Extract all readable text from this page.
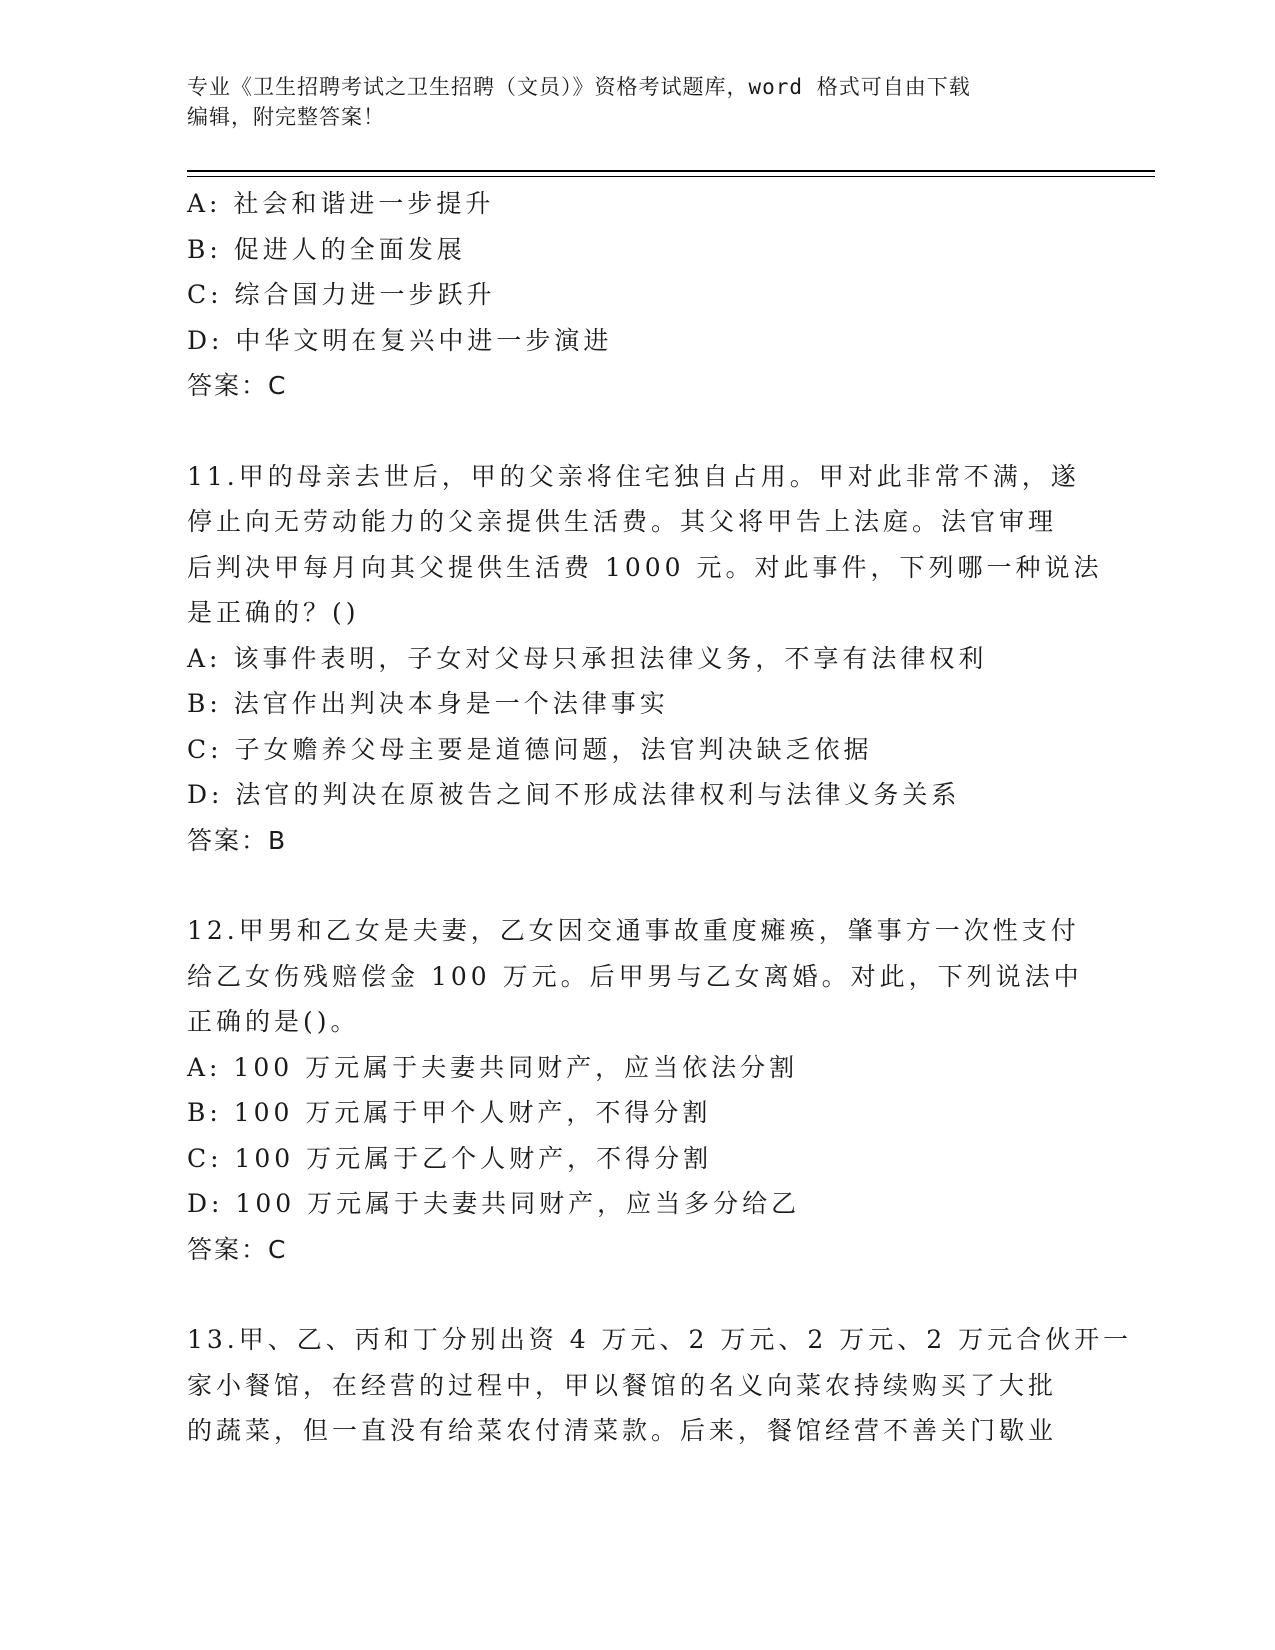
专业《卫生招聘考试之卫生招聘（文员）》资格考试题库，word 格式可自由下载
编辑，附完整答案！
A: 社会和谐进一步提升
B: 促进人的全面发展
C: 综合国力进一步跃升
D: 中华文明在复兴中进一步演进
答案：C
11.甲的母亲去世后，甲的父亲将住宅独自占用。甲对此非常不满，遂
停止向无劳动能力的父亲提供生活费。其父将甲告上法庭。法官审理
后判决甲每月向其父提供生活费 1000 元。对此事件，下列哪一种说法
是正确的？()
A: 该事件表明，子女对父母只承担法律义务，不享有法律权利
B: 法官作出判决本身是一个法律事实
C: 子女赡养父母主要是道德问题，法官判决缺乏依据
D: 法官的判决在原被告之间不形成法律权利与法律义务关系
答案：B
12.甲男和乙女是夫妻，乙女因交通事故重度瘫痪，肇事方一次性支付
给乙女伤残赔偿金 100 万元。后甲男与乙女离婚。对此，下列说法中
正确的是()。
A: 100 万元属于夫妻共同财产，应当依法分割
B: 100 万元属于甲个人财产，不得分割
C: 100 万元属于乙个人财产，不得分割
D: 100 万元属于夫妻共同财产，应当多分给乙
答案：C
13.甲、乙、丙和丁分别出资 4 万元、2 万元、2 万元、2 万元合伙开一
家小餐馆，在经营的过程中，甲以餐馆的名义向菜农持续购买了大批
的蔬菜，但一直没有给菜农付清菜款。后来，餐馆经营不善关门歇业
